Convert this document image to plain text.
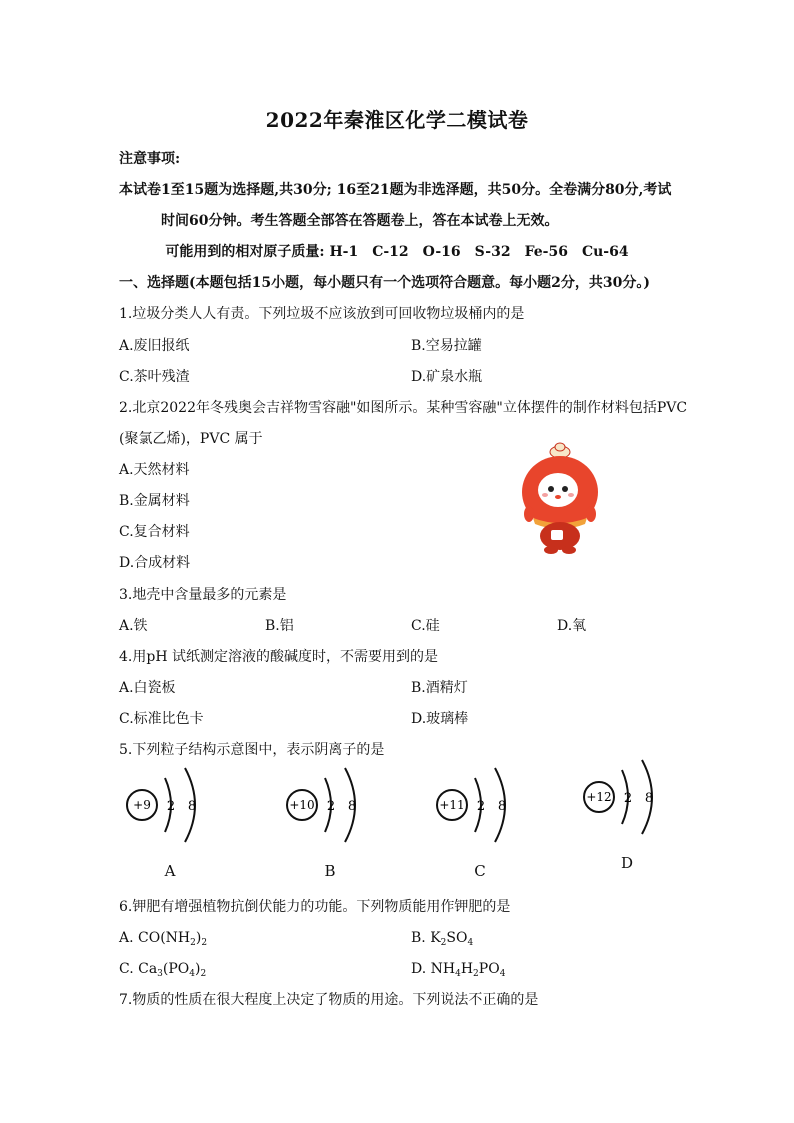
2022年秦淮区化学二模试卷
注意事项:
本试卷1至15题为选择题,共30分; 16至21题为非选泽题，共50分。全卷满分80分,考试
时间60分钟。考生答题全部答在答题卷上，答在本试卷上无效。
可能用到的相对原子质量: H-1　C-12　O-16　S-32　Fe-56　Cu-64
一、选择题(本题包括15小题，每小题只有一个选项符合题意。每小题2分，共30分。)
1.垃圾分类人人有责。下列垃圾不应该放到可回收物垃圾桶内的是
A.废旧报纸	B.空易拉罐
C.茶叶残渣	D.矿泉水瓶
2.北京2022年冬残奥会吉祥物雪容融"如图所示。某种雪容融"立体摆件的制作材料包括PVC
(聚氯乙烯)，PVC 属于
A.天然材料
B.金属材料
C.复合材料
D.合成材料
3.地壳中含量最多的元素是
A.铁	B.铝	C.硅	D.氧
4.用pH 试纸测定溶液的酸碱度时，不需要用到的是
A.白瓷板	B.酒精灯
C.标准比色卡	D.玻璃棒
5.下列粒子结构示意图中，表示阴离子的是
+9 2 8
A
+10 2 8
B
+11 2 8
C
+12 2 8
D
6.钾肥有增强植物抗倒伏能力的功能。下列物质能用作钾肥的是
A. $CO(NH_2)_2$	B. $K_2SO_4$
C. $Ca_3(PO_4)_2$	D. $NH_4H_2PO_4$
7.物质的性质在很大程度上决定了物质的用途。下列说法不正确的是
